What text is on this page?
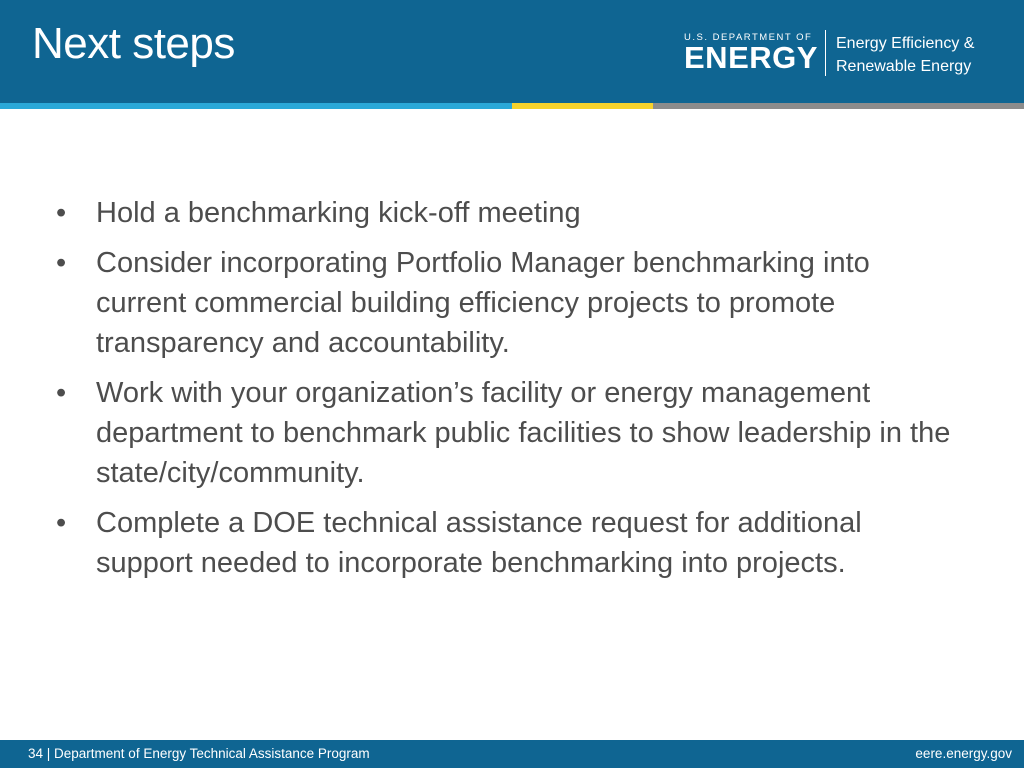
Next steps	U.S. DEPARTMENT OF
ENERGY Energy Efficiency &
Renewable Energy
•	Hold a benchmarking kick-off meeting
•	Consider incorporating Portfolio Manager benchmarking into current commercial building efficiency projects to promote transparency and accountability.
•	Work with your organization’s facility or energy management department to benchmark public facilities to show leadership in the state/city/community.
•	Complete a DOE technical assistance request for additional support needed to incorporate benchmarking into projects.
34 | Department of Energy Technical Assistance Program	eere.energy.gov
